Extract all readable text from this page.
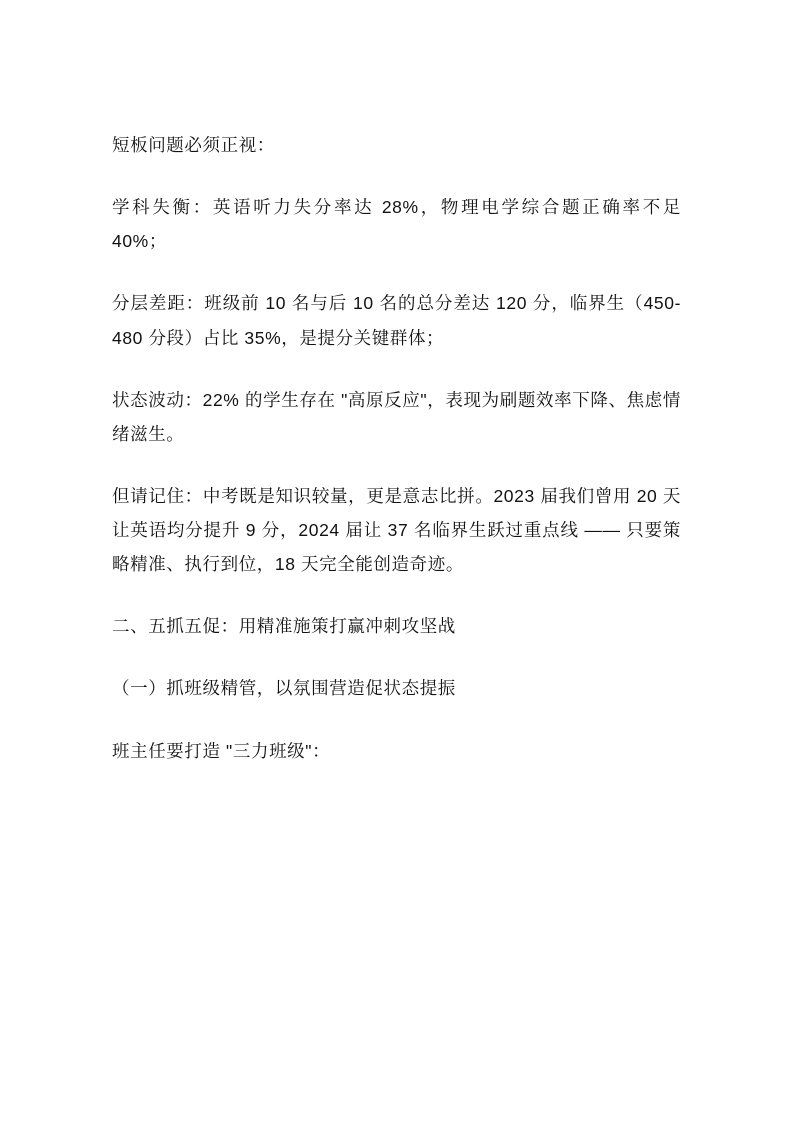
短板问题必须正视：

学科失衡：英语听力失分率达 28%，物理电学综合题正确率不足 40%；

分层差距：班级前 10 名与后 10 名的总分差达 120 分，临界生（450-480 分段）占比 35%，是提分关键群体；

状态波动：22% 的学生存在 "高原反应"，表现为刷题效率下降、焦虑情绪滋生。

但请记住：中考既是知识较量，更是意志比拼。2023 届我们曾用 20 天让英语均分提升 9 分，2024 届让 37 名临界生跃过重点线 —— 只要策略精准、执行到位，18 天完全能创造奇迹。

二、五抓五促：用精准施策打赢冲刺攻坚战

（一）抓班级精管，以氛围营造促状态提振

班主任要打造 "三力班级"：
